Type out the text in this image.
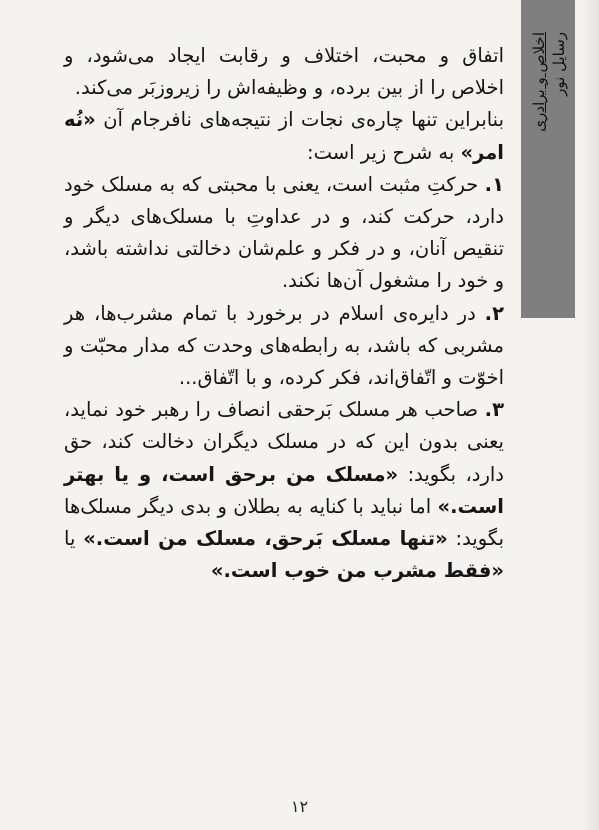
اخلاص و برادری رسایل نور

اتفاق و محبت، اختلاف و رقابت ایجاد می‌شود، و اخلاص را از بین برده، و وظیفه‌اش را زیروزبَر می‌کند.

بنابراین تنها چاره‌ی نجات از نتیجه‌های نافرجام آن «نُه امر» به شرح زیر است:

۱. حرکتِ مثبت است، یعنی با محبتی که به مسلک خود دارد، حرکت کند، و در عداوتِ با مسلک‌های دیگر و تنقیص آنان، و در فکر و علم‌شان دخالتی نداشته باشد، و خود را مشغول آن‌ها نکند.

۲. در دایره‌ی اسلام در برخورد با تمام مشرب‌ها، هر مشربی که باشد، به رابطه‌های وحدت که مدار محبّت و اخوّت و اتّفاق‌اند، فکر کرده، و با اتّفاق...

۳. صاحب هر مسلک بَرحقی انصاف را رهبر خود نماید، یعنی بدون این که در مسلک دیگران دخالت کند، حق دارد، بگوید: «مسلک من برحق است، و یا بهتر است.» اما نباید با کنایه به بطلان و بدی دیگر مسلک‌ها بگوید: «تنها مسلک بَرحق، مسلک من است.» یا «فقط مشرب من خوب است.»

۱۲
